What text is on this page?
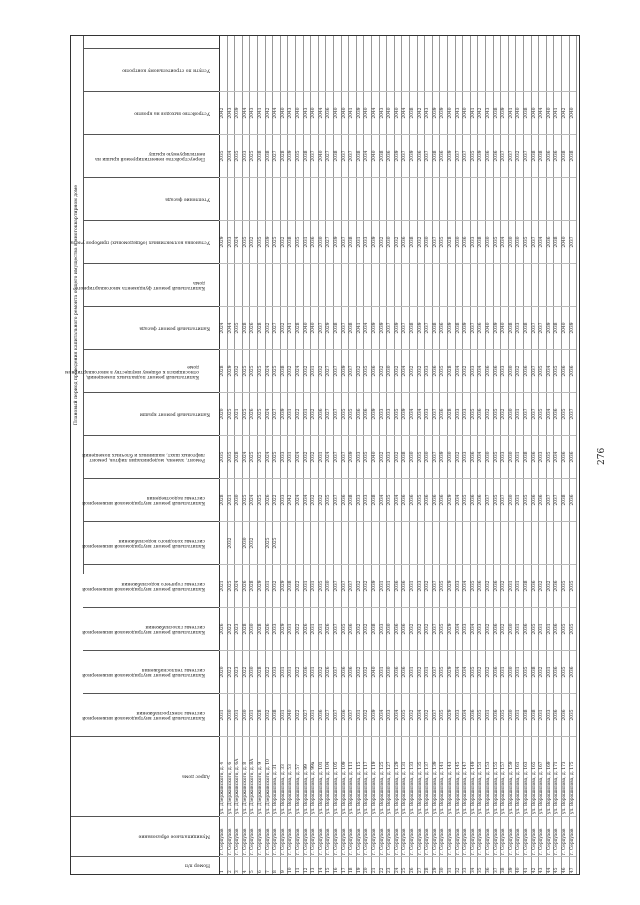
276
Плановый период проведения капитального ремонта общего имущества в многоквартирном доме
Номер п/п
Муниципальное образование
Адрес дома
Капитальный ремонт внутридомовой инженерной системы электроснабжения
Капитальный ремонт внутридомовой инженерной системы теплоснабжения
Капитальный ремонт внутридомовой инженерной системы газоснабжения
Капитальный ремонт внутридомовой инженерной системы горячего водоснабжения
Капитальный ремонт внутридомовой инженерной системы холодного водоснабжения
Капитальный ремонт внутридомовой инженерной системы водоотведения
Ремонт, замена, модернизация лифтов, ремонт лифтовых шахт, машинных и блочных помещений
Капитальный ремонт крыши
Капитальный ремонт подвальных помещений, относящихся к общему имуществу в многоквартирном доме
Капитальный ремонт фасада
Капитальный ремонт фундамента многоквартирного дома
Установка коллективных (общедомовых) приборов учета
Утепление фасада
Переустройство невентилируемой крыши на вентилируемую крышу
Устройство выходов на кровлю
Услуги по строительному контролю
1
г. Серпухов
ул. Дзержинского, д. 4
2031
2020
2026
2021
2028
2035
2020
2028
2024
2029
2035
2042
2
г. Серпухов
ул. Дзержинского, д. 6
2030
2022
2022
2025
2032
2021
2035
2025
2029
2044
2033
2034
2043
3
г. Серпухов
ул. Дзержинского, д. 6А
2031
2023
2023
2024
2030
2028
2021
2032
2035
2024
2035
2039
4
г. Серпухов
ул. Дзержинского, д. 8
2030
2022
2028
2026
2030
2025
2024
2025
2025
2028
2035
2033
2044
5
г. Серпухов
ул. Дзержинского, д. 8А
2031
2030
2030
2028
2032
2024
2025
2026
2025
2026
2032
2025
2043
6
г. Серпухов
ул. Дзержинского, д. 9
2028
2028
2028
2029
2025
2025
2025
2025
2028
2035
2038
2041
7
г. Серпухов
ул. Дзержинского, д. 10
2032
2022
2026
2031
2025
2026
2024
2024
2024
2032
2039
2038
2042
8
г. Серпухов
ул. Ворошилова, д. 31
2038
2033
2033
2032
2025
2022
2025
2027
2025
2027
2025
2027
2044
9
г. Серпухов
ул. Ворошилова, д. 33
2031
2031
2029
2029
2033
2033
2039
2038
2032
2032
2028
2040
10
г. Серпухов
ул. Ворошилова, д. 53
2040
2031
2031
2038
2042
2031
2031
2032
2041
2038
2039
2043
11
г. Серпухов
ул. Ворошилова, д. 57
2022
2022
2022
2022
2024
2024
2022
2024
2028
2035
2035
2040
12
г. Серпухов
ул. Ворошилова, д. 99
2027
2036
2026
2031
2034
2032
2031
2032
2040
2031
2038
2043
13
г. Серпухов
ул. Ворошилова, д. 99а
2031
2031
2031
2031
2032
2032
2032
2031
2040
2036
2037
2040
14
г. Серпухов
ул. Ворошилова, д. 101
2036
2032
2031
2035
2032
2031
2036
2032
2037
2030
2040
2044
15
г. Серпухов
ул. Ворошилова, д. 104
2027
2026
2026
2030
2035
2024
2027
2027
2029
2027
2027
2036
16
г. Серпухов
ул. Ворошилова, д. 105
2037
2037
2037
2037
2037
2037
2037
2037
2038
2039
2038
2040
17
г. Серпухов
ул. Ворошилова, д. 109
2036
2036
2035
2037
2036
2037
2035
2039
2037
2037
2037
2040
18
г. Серпухов
ул. Ворошилова, д. 111
2037
2036
2036
2037
2038
2039
2035
2037
2038
2038
2037
2041
19
г. Серпухов
ул. Ворошилова, д. 115
2031
2032
2032
2032
2033
2033
2036
2032
2041
2031
2038
2039
20
г. Серпухов
ул. Ворошилова, д. 117
2032
2032
2032
2032
2033
2035
2036
2035
2034
2033
2034
2040
21
г. Серпухов
ул. Ворошилова, д. 119
2039
2040
2038
2039
2038
2040
2039
2036
2039
2039
2040
2044
22
г. Серпухов
ул. Ворошилова, д. 125
2034
2031
2033
2031
2034
2032
2033
2032
2039
2032
2038
2043
23
г. Серпухов
ул. Ворошилова, д. 127
2033
2030
2030
2031
2035
2033
2033
2030
2037
2030
2036
2040
24
г. Серпухов
ул. Ворошилова, д. 129
2034
2036
2036
2036
2034
2032
2035
2032
2039
2032
2039
2040
25
г. Серпухов
ул. Ворошилова, д. 131
2035
2036
2036
2036
2036
2038
2039
2034
2037
2036
2037
2044
26
г. Серпухов
ул. Ворошилова, д. 133
2032
2031
2032
2031
2036
2030
2034
2032
2038
2038
2039
2038
27
г. Серпухов
ул. Ворошилова, д. 135
2034
2032
2032
2033
2035
2035
2034
2032
2039
2032
2036
2042
28
г. Серпухов
ул. Ворошилова, д. 137
2032
2031
2032
2032
2036
2030
2033
2033
2037
2030
2037
2043
29
г. Серпухов
ул. Ворошилова, д. 139
2037
2037
2037
2037
2036
2037
2037
2036
2038
2037
2038
2039
30
г. Серпухов
ул. Ворошилова, д. 141
2035
2035
2035
2035
2036
2039
2036
2035
2036
2035
2036
2039
31
г. Серпухов
ул. Ворошилова, д. 143
2029
2029
2029
2029
2029
2030
2028
2028
2039
2028
2039
2040
32
г. Серпухов
ул. Ворошилова, д. 145
2033
2034
2034
2033
2034
2032
2033
2034
2038
2030
2037
2043
33
г. Серпухов
ул. Ворошилова, д. 147
2034
2034
2033
2034
2035
2033
2033
2032
2039
2036
2037
2040
34
г. Серпухов
ул. Ворошилова, д. 149
2036
2035
2034
2035
2036
2036
2035
2033
2037
2033
2035
2041
35
г. Серпухов
ул. Ворошилова, д. 151
2035
2032
2033
2036
2036
2034
2036
2034
2036
2038
2039
2042
36
г. Серпухов
ул. Ворошилова, д. 153
2031
2032
2032
2032
2037
2030
2032
2036
2040
2030
2036
2043
37
г. Серпухов
ул. Ворошилова, д. 155
2036
2036
2036
2036
2035
2035
2035
2036
2039
2035
2036
2038
38
г. Серпухов
ул. Ворошилова, д. 157
2035
2031
2032
2032
2037
2033
2032
2033
2040
2034
2037
2039
39
г. Серпухов
ул. Ворошилова, д. 159
2030
2030
2030
2031
2030
2030
2030
2030
2038
2030
2037
2041
40
г. Серпухов
ул. Ворошилова, д. 161
2031
2031
2031
2031
2031
2031
2031
2032
2033
2030
2032
2040
41
г. Серпухов
ул. Ворошилова, д. 163
2038
2035
2036
2038
2035
2038
2037
2036
2038
2035
2037
2038
42
г. Серпухов
ул. Ворошилова, д. 165
2038
2038
2035
2036
2036
2036
2037
2037
2037
2037
2038
2040
43
г. Серпухов
ул. Ворошилова, д. 167
2031
2032
2031
2032
2036
2033
2035
2035
2037
2034
2038
2044
44
г. Серпухов
ул. Ворошилова, д. 169
2033
2031
2031
2032
2037
2035
2034
2034
2039
2036
2036
2040
45
г. Серпухов
ул. Ворошилова, д. 171
2036
2036
2036
2036
2037
2034
2036
2035
2038
2038
2036
2041
46
г. Серпухов
ул. Ворошилова, д. 173
2036
2035
2035
2035
2038
2036
2035
2036
2040
2040
2038
2042
47
г. Серпухов
ул. Ворошилова, д. 175
2035
2036
2035
2035
2036
2036
2037
2036
2039
2037
2038
2040
